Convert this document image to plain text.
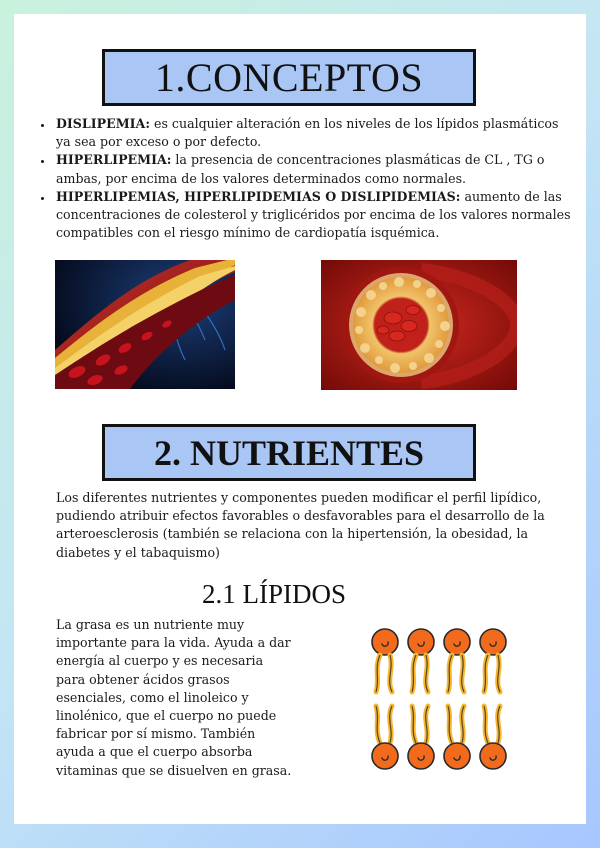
1.CONCEPTOS
• DISLIPEMIA: es cualquier alteración en los niveles de los lípidos plasmáticos ya sea por exceso o por defecto.
• HIPERLIPEMIA: la presencia de concentraciones plasmáticas de CL , TG o ambas, por encima de los valores determinados como normales.
• HIPERLIPEMIAS, HIPERLIPIDEMIAS O DISLIPIDEMIAS: aumento de las concentraciones de colesterol y triglicéridos por encima de los valores normales compatibles con el riesgo mínimo de cardiopatía isquémica.
2. NUTRIENTES

Los diferentes nutrientes y componentes pueden modificar el perfil lipídico, pudiendo atribuir efectos favorables o desfavorables para el desarrollo de la arteroesclerosis (también se relaciona con la hipertensión, la obesidad, la diabetes y el tabaquismo)

2.1 LÍPIDOS

La grasa es un nutriente muy importante para la vida. Ayuda a dar energía al cuerpo y es necesaria para obtener ácidos grasos esenciales, como el linoleico y linolénico, que el cuerpo no puede fabricar por sí mismo. También ayuda a que el cuerpo absorba vitaminas que se disuelven en grasa.
